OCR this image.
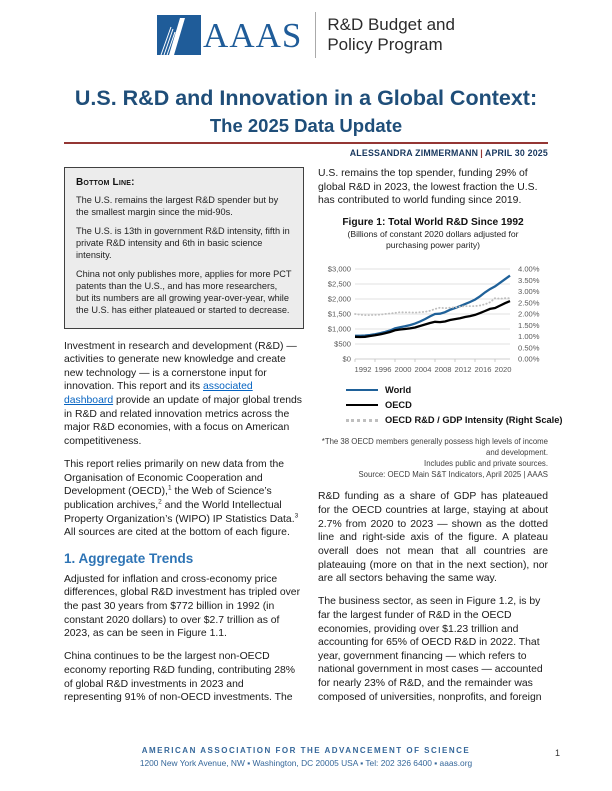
AAAS R&D Budget and
Policy Program
U.S. R&D and Innovation in a Global Context:
The 2025 Data Update
ALESSANDRA ZIMMERMANN | APRIL 30 2025
Bottom Line:

The U.S. remains the largest R&D spender but by the smallest margin since the mid-90s.

The U.S. is 13th in government R&D intensity, fifth in private R&D intensity and 6th in basic science intensity.

China not only publishes more, applies for more PCT patents than the U.S., and has more researchers, but its numbers are all growing year-over-year, while the U.S. has either plateaued or started to decrease.

Investment in research and development (R&D) — activities to generate new knowledge and create new technology — is a cornerstone input for innovation. This report and its associated dashboard provide an update of major global trends in R&D and related innovation metrics across the major R&D economies, with a focus on American competitiveness.

This report relies primarily on new data from the Organisation of Economic Cooperation and Development (OECD),$^1$ the Web of Science’s publication archives,$^2$ and the World Intellectual Property Organization’s (WIPO) IP Statistics Data.$^3$ All sources are cited at the bottom of each figure.

1. Aggregate Trends

Adjusted for inflation and cross-economy price differences, global R&D investment has tripled over the past 30 years from $772 billion in 1992 (in constant 2020 dollars) to over $2.7 trillion as of 2023, as can be seen in Figure 1.1.

China continues to be the largest non-OECD economy reporting R&D funding, contributing 28% of global R&D investments in 2023 and representing 91% of non-OECD investments. The

U.S. remains the top spender, funding 29% of global R&D in 2023, the lowest fraction the U.S. has contributed to world funding since 2019.

Figure 1: Total World R&D Since 1992
(Billions of constant 2020 dollars adjusted for purchasing power parity)
$3,000
$2,500
$2,000
$1,500
$1,000
$500
$0
4.00%
3.50%
3.00%
2.50%
2.00%
1.50%
1.00%
0.50%
0.00%
1992 1996 2000 2004 2008 2012 2016 2020
World
OECD
OECD R&D / GDP Intensity (Right Scale)
*The 38 OECD members generally possess high levels of income and development.
Includes public and private sources.
Source: OECD Main S&T Indicators, April 2025 | AAAS

R&D funding as a share of GDP has plateaued for the OECD countries at large, staying at about 2.7% from 2020 to 2023 — shown as the dotted line and right-side axis of the figure. A plateau overall does not mean that all countries are plateauing (more on that in the next section), nor are all sectors behaving the same way.

The business sector, as seen in Figure 1.2, is by far the largest funder of R&D in the OECD economies, providing over $1.23 trillion and accounting for 65% of OECD R&D in 2022. That year, government financing — which refers to national government in most cases — accounted for nearly 23% of R&D, and the remainder was composed of universities, nonprofits, and foreign

AMERICAN ASSOCIATION FOR THE ADVANCEMENT OF SCIENCE
1200 New York Avenue, NW ▪ Washington, DC 20005 USA ▪ Tel: 202 326 6400 ▪ aaas.org
1
